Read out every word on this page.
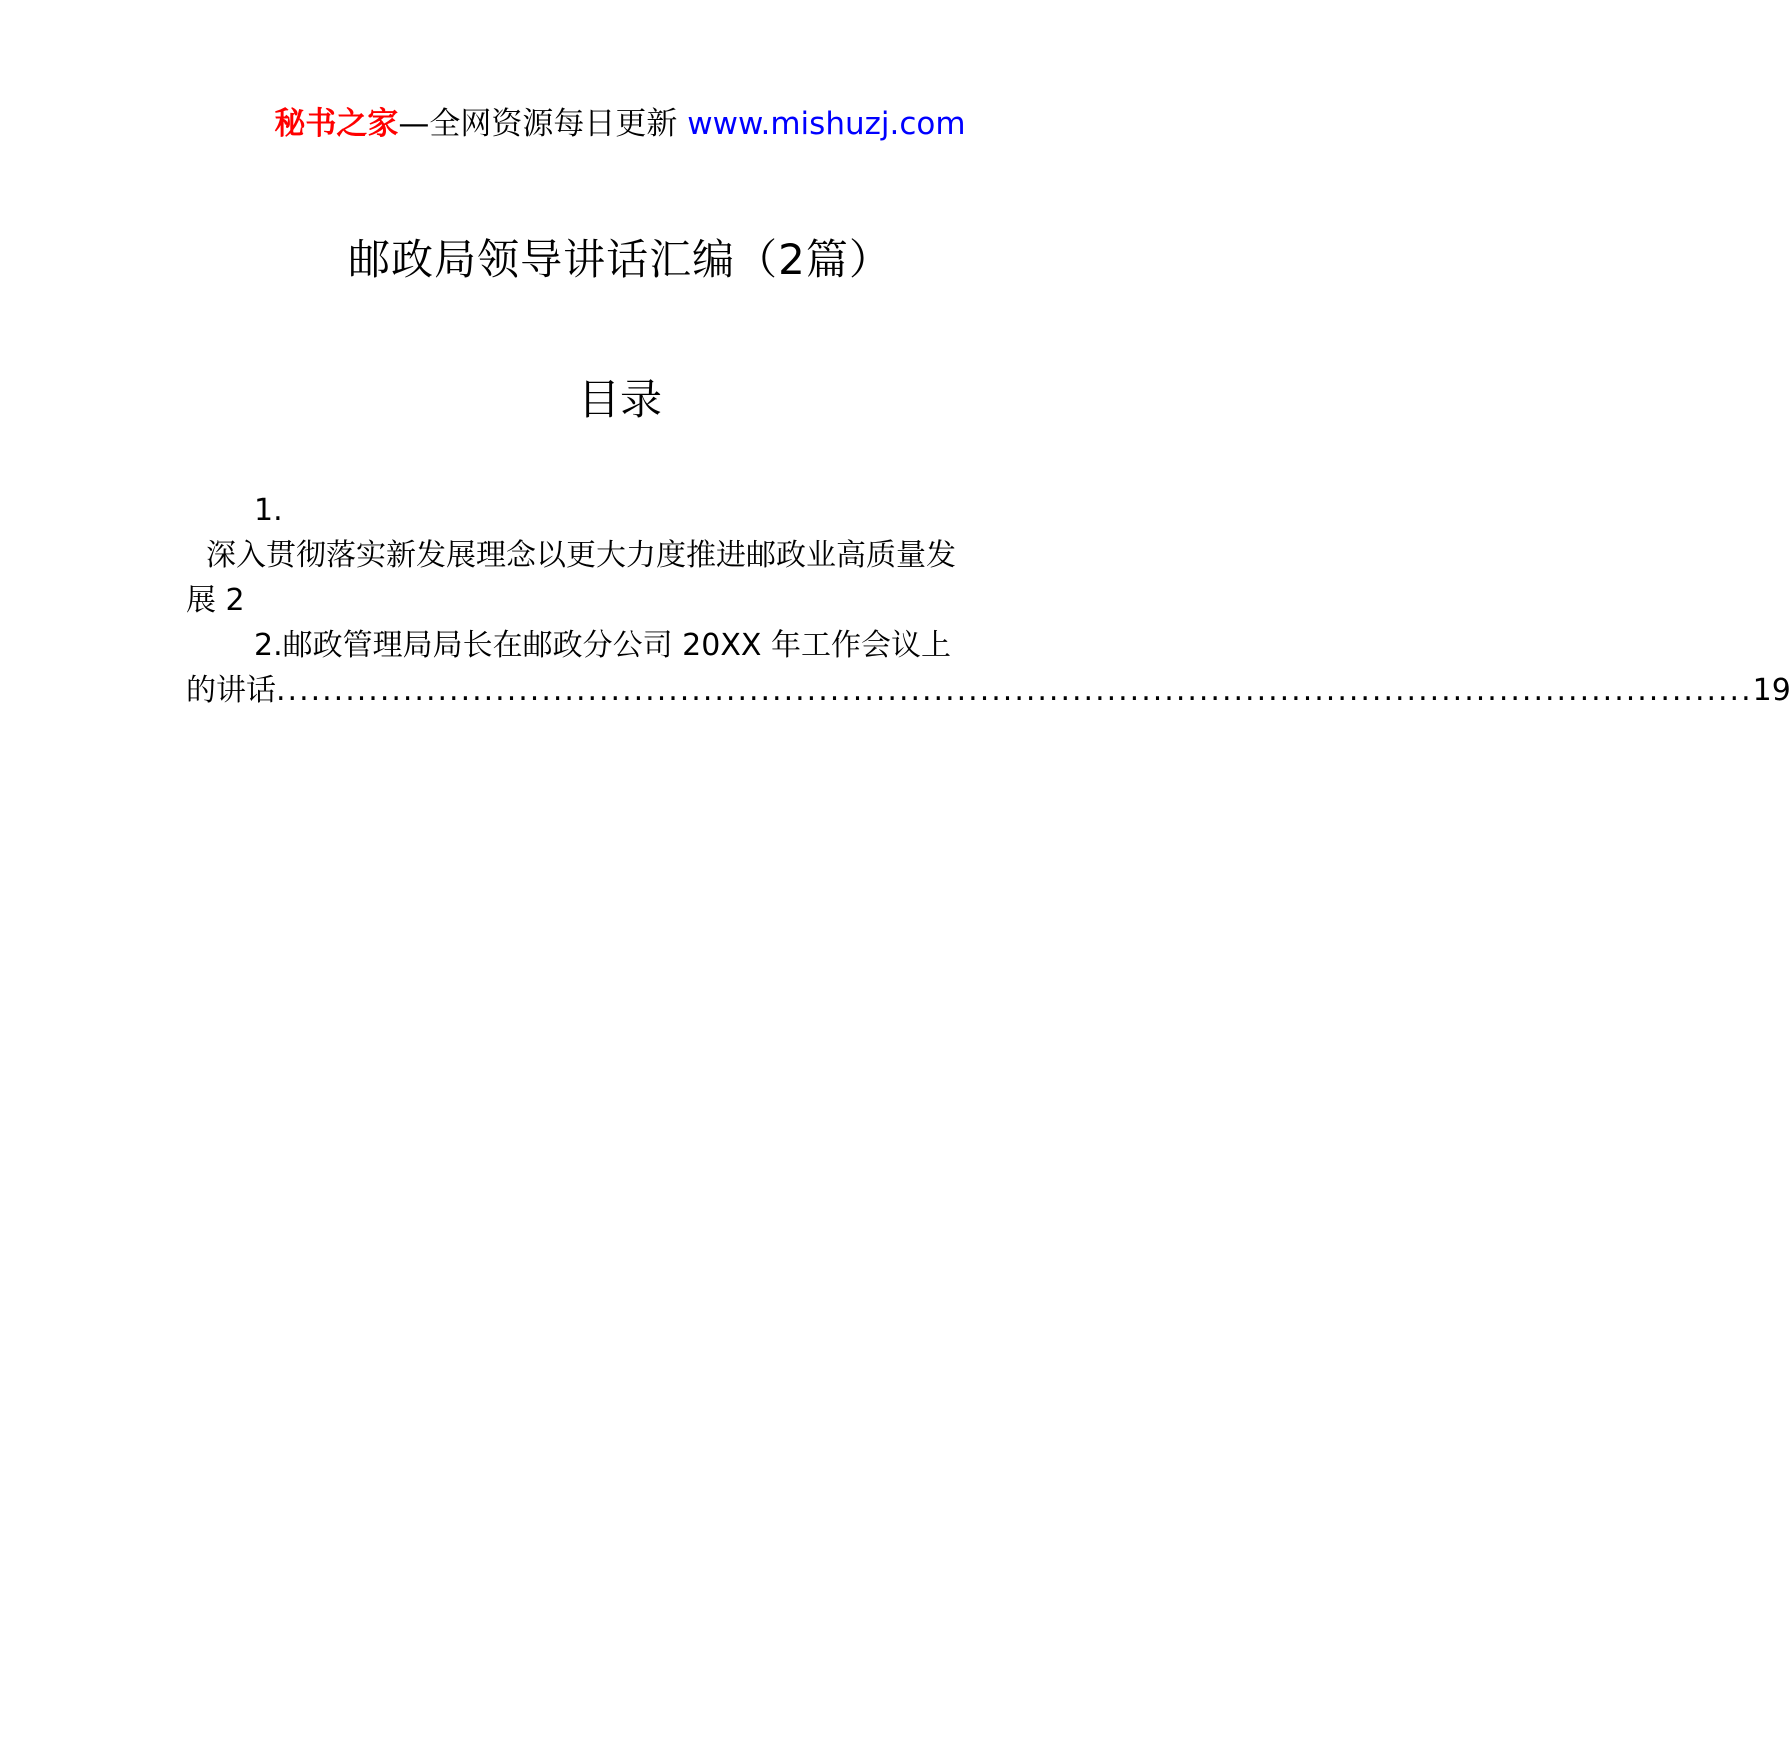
秘书之家—全网资源每日更新 www.mishuzj.com
邮政局领导讲话汇编（2篇）
目录
1.
深入贯彻落实新发展理念以更大力度推进邮政业高质量发
展 2
2.邮政管理局局长在邮政分公司 20XX 年工作会议上
的讲话 ................................................................................................................................ 19
